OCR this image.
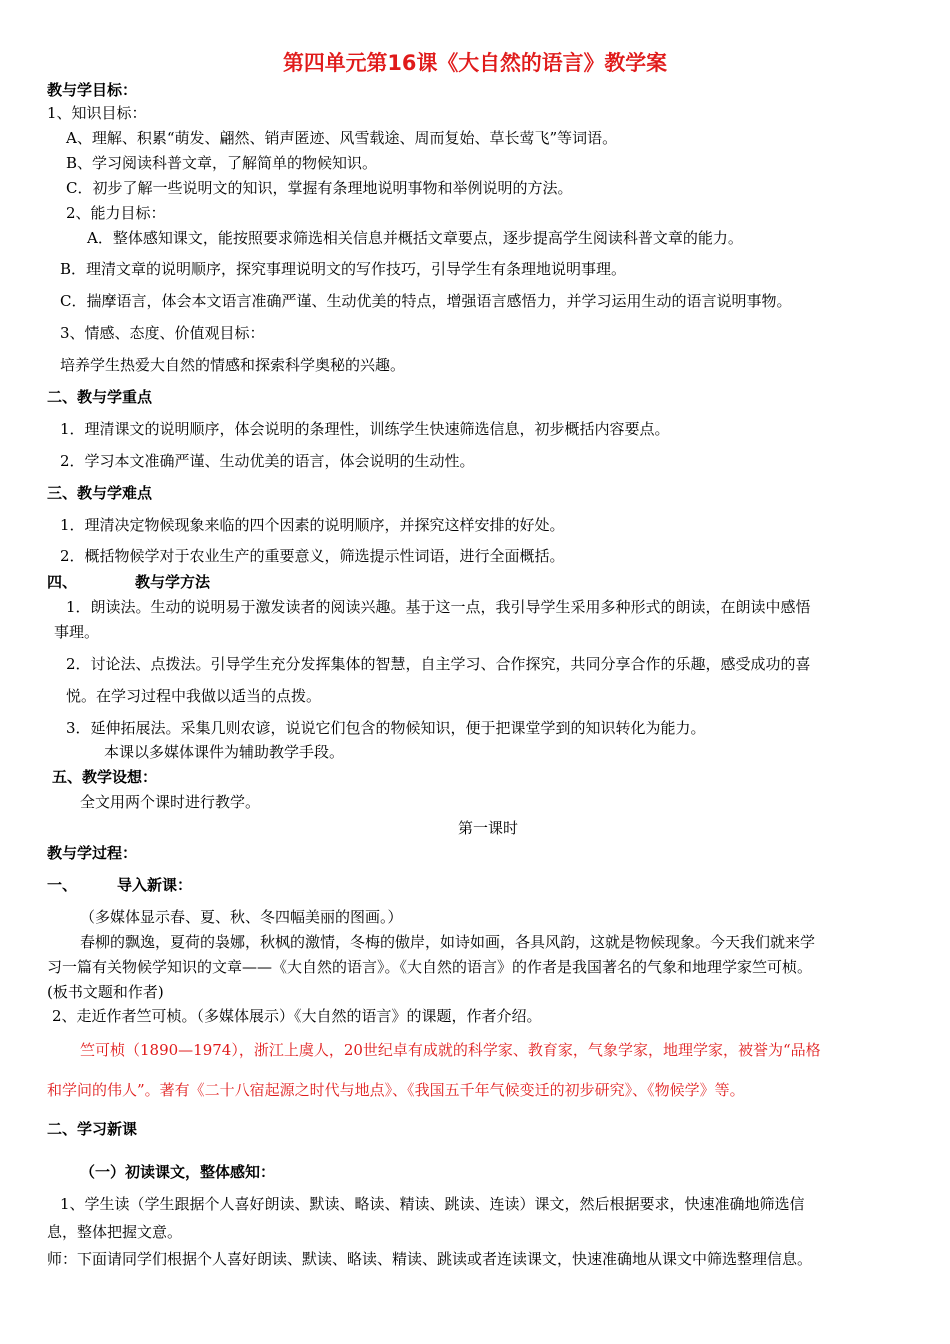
第四单元第16课《大自然的语言》教学案
教与学目标：
1、知识目标：
A、理解、积累“萌发、翩然、销声匿迹、风雪载途、周而复始、草长莺飞”等词语。
B、学习阅读科普文章，了解简单的物候知识。
C．初步了解一些说明文的知识，掌握有条理地说明事物和举例说明的方法。
2、能力目标：
A．整体感知课文，能按照要求筛选相关信息并概括文章要点，逐步提高学生阅读科普文章的能力。
B．理清文章的说明顺序，探究事理说明文的写作技巧，引导学生有条理地说明事理。
C．揣摩语言，体会本文语言准确严谨、生动优美的特点，增强语言感悟力，并学习运用生动的语言说明事物。
3、情感、态度、价值观目标：
培养学生热爱大自然的情感和探索科学奥秘的兴趣。
二、教与学重点
1．理清课文的说明顺序，体会说明的条理性，训练学生快速筛选信息，初步概括内容要点。
2．学习本文准确严谨、生动优美的语言，体会说明的生动性。
三、教与学难点
1．理清决定物候现象来临的四个因素的说明顺序，并探究这样安排的好处。
2．概括物候学对于农业生产的重要意义，筛选提示性词语，进行全面概括。
四、	教与学方法
1．朗读法。生动的说明易于激发读者的阅读兴趣。基于这一点，我引导学生采用多种形式的朗读，在朗读中感悟
事理。
2．讨论法、点拨法。引导学生充分发挥集体的智慧，自主学习、合作探究，共同分享合作的乐趣，感受成功的喜
悦。在学习过程中我做以适当的点拨。
3．延伸拓展法。采集几则农谚，说说它们包含的物候知识，便于把课堂学到的知识转化为能力。
本课以多媒体课件为辅助教学手段。
五、教学设想：
全文用两个课时进行教学。
第一课时
教与学过程：
一、	导入新课：
（多媒体显示春、夏、秋、冬四幅美丽的图画。）
春柳的飘逸，夏荷的袅娜，秋枫的激情，冬梅的傲岸，如诗如画，各具风韵，这就是物候现象。今天我们就来学
习一篇有关物候学知识的文章——《大自然的语言》。《大自然的语言》的作者是我国著名的气象和地理学家竺可桢。
(板书文题和作者)
2、走近作者竺可桢。（多媒体展示）《大自然的语言》的课题，作者介绍。
竺可桢（1890—1974），浙江上虞人，20世纪卓有成就的科学家、教育家，气象学家，地理学家，被誉为“品格
和学问的伟人”。著有《二十八宿起源之时代与地点》、《我国五千年气候变迁的初步研究》、《物候学》等。
二、学习新课
（一）初读课文，整体感知：
1、学生读（学生跟据个人喜好朗读、默读、略读、精读、跳读、连读）课文，然后根据要求，快速准确地筛选信
息，整体把握文意。
师：下面请同学们根据个人喜好朗读、默读、略读、精读、跳读或者连读课文，快速准确地从课文中筛选整理信息。
